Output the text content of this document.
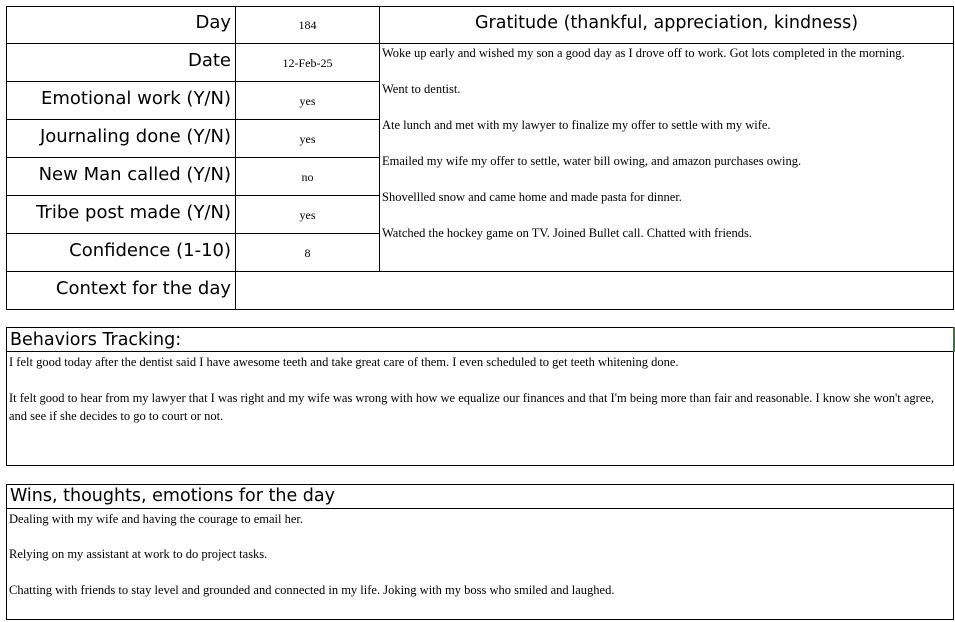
Day
Date
Emotional work (Y/N)
Journaling done (Y/N)
New Man called (Y/N)
Tribe post made (Y/N)
Confidence (1-10)
Context for the day
184
12-Feb-25
yes
yes
no
yes
8
Gratitude (thankful, appreciation, kindness)
Woke up early and wished my son a good day as I drove off to work. Got lots completed in the morning.
Went to dentist.
Ate lunch and met with my lawyer to finalize my offer to settle with my wife.
Emailed my wife my offer to settle, water bill owing, and amazon purchases owing.
Shovellled snow and came home and made pasta for dinner.
Watched the hockey game on TV. Joined Bullet call. Chatted with friends.
Behaviors Tracking:
I felt good today after the dentist said I have awesome teeth and take great care of them. I even scheduled to get teeth whitening done.
It felt good to hear from my lawyer that I was right and my wife was wrong with how we equalize our finances and that I'm being more than fair and reasonable. I know she won't agree, and see if she decides to go to court or not.
Wins, thoughts, emotions for the day
Dealing with my wife and having the courage to email her.
Relying on my assistant at work to do project tasks.
Chatting with friends to stay level and grounded and connected in my life. Joking with my boss who smiled and laughed.
